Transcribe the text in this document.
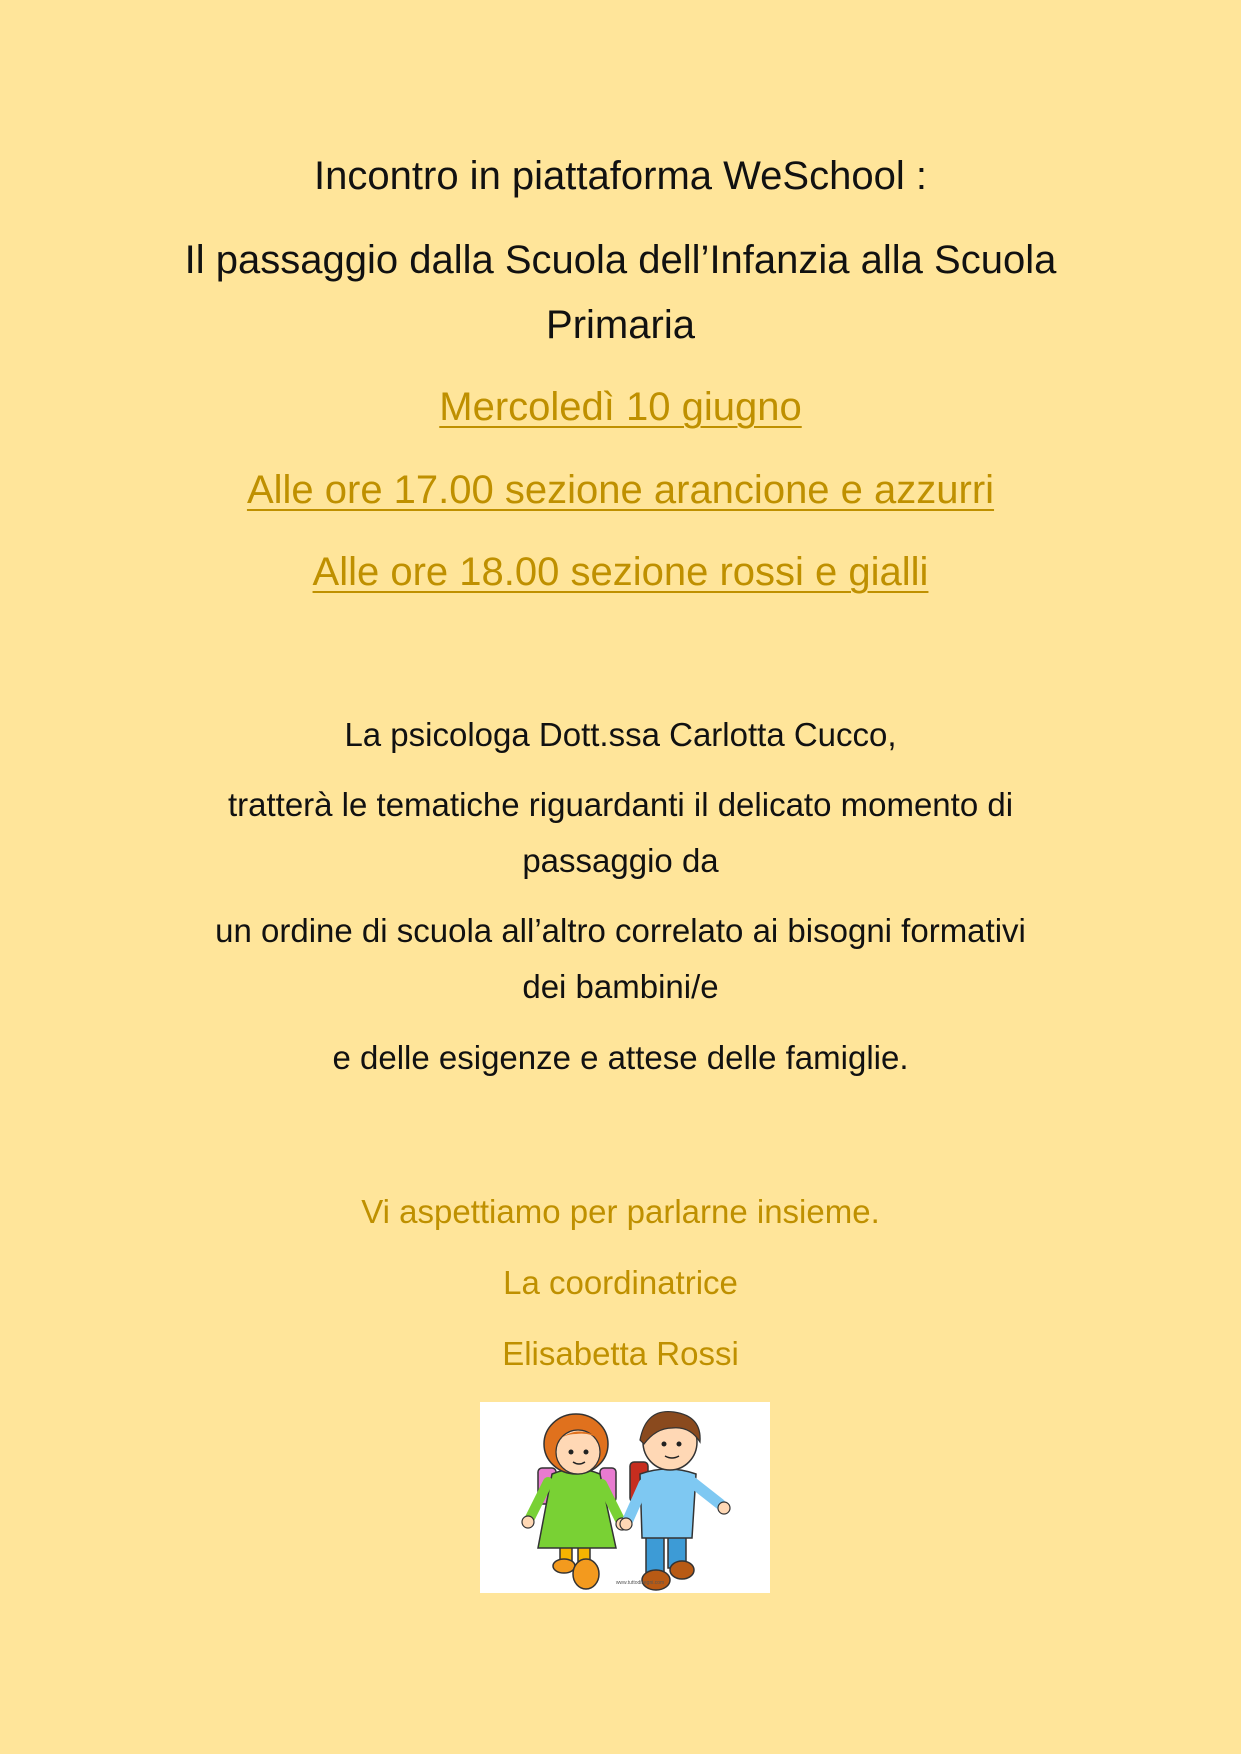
Incontro in piattaforma WeSchool :

Il passaggio dalla Scuola dell’Infanzia alla Scuola

Primaria

Mercoledì 10 giugno

Alle ore 17.00 sezione arancione e azzurri

Alle ore 18.00 sezione rossi e gialli

La psicologa Dott.ssa Carlotta Cucco,

tratterà le tematiche riguardanti il delicato momento di

passaggio da

un ordine di scuola all’altro correlato ai bisogni formativi

dei bambini/e

e delle esigenze e attese delle famiglie.

Vi aspettiamo per parlarne insieme.

La coordinatrice

Elisabetta Rossi

www.tuttodisegni.com
